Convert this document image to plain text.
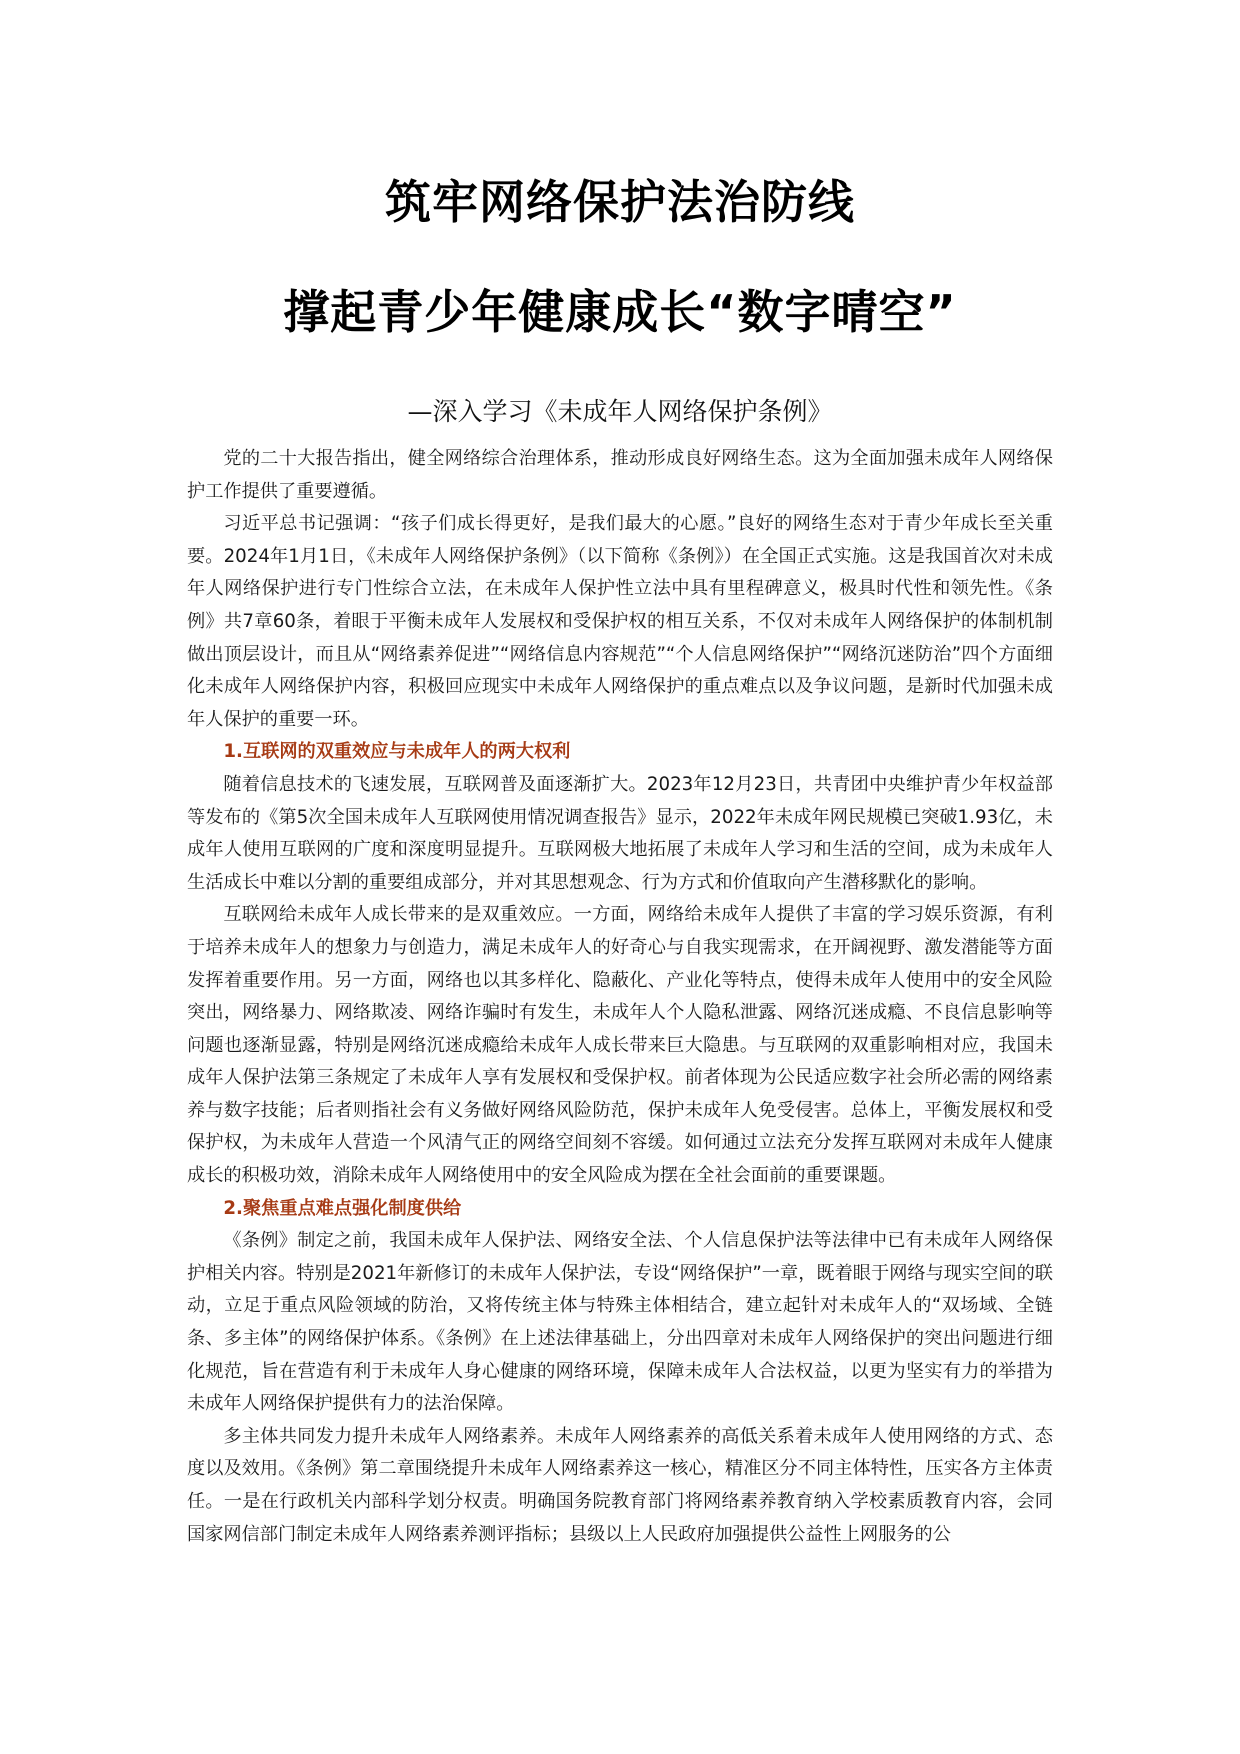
筑牢网络保护法治防线
撑起青少年健康成长“数字晴空”
—深入学习《未成年人网络保护条例》

党的二十大报告指出，健全网络综合治理体系，推动形成良好网络生态。这为全面加强未成年人网络保护工作提供了重要遵循。

习近平总书记强调：“孩子们成长得更好，是我们最大的心愿。”良好的网络生态对于青少年成长至关重要。2024年1月1日，《未成年人网络保护条例》（以下简称《条例》）在全国正式实施。这是我国首次对未成年人网络保护进行专门性综合立法，在未成年人保护性立法中具有里程碑意义，极具时代性和领先性。《条例》共7章60条，着眼于平衡未成年人发展权和受保护权的相互关系，不仅对未成年人网络保护的体制机制做出顶层设计，而且从“网络素养促进”“网络信息内容规范”“个人信息网络保护”“网络沉迷防治”四个方面细化未成年人网络保护内容，积极回应现实中未成年人网络保护的重点难点以及争议问题，是新时代加强未成年人保护的重要一环。

1.互联网的双重效应与未成年人的两大权利

随着信息技术的飞速发展，互联网普及面逐渐扩大。2023年12月23日，共青团中央维护青少年权益部等发布的《第5次全国未成年人互联网使用情况调查报告》显示，2022年未成年网民规模已突破1.93亿，未成年人使用互联网的广度和深度明显提升。互联网极大地拓展了未成年人学习和生活的空间，成为未成年人生活成长中难以分割的重要组成部分，并对其思想观念、行为方式和价值取向产生潜移默化的影响。

互联网给未成年人成长带来的是双重效应。一方面，网络给未成年人提供了丰富的学习娱乐资源，有利于培养未成年人的想象力与创造力，满足未成年人的好奇心与自我实现需求，在开阔视野、激发潜能等方面发挥着重要作用。另一方面，网络也以其多样化、隐蔽化、产业化等特点，使得未成年人使用中的安全风险突出，网络暴力、网络欺凌、网络诈骗时有发生，未成年人个人隐私泄露、网络沉迷成瘾、不良信息影响等问题也逐渐显露，特别是网络沉迷成瘾给未成年人成长带来巨大隐患。与互联网的双重影响相对应，我国未成年人保护法第三条规定了未成年人享有发展权和受保护权。前者体现为公民适应数字社会所必需的网络素养与数字技能；后者则指社会有义务做好网络风险防范，保护未成年人免受侵害。总体上，平衡发展权和受保护权，为未成年人营造一个风清气正的网络空间刻不容缓。如何通过立法充分发挥互联网对未成年人健康成长的积极功效，消除未成年人网络使用中的安全风险成为摆在全社会面前的重要课题。

2.聚焦重点难点强化制度供给

《条例》制定之前，我国未成年人保护法、网络安全法、个人信息保护法等法律中已有未成年人网络保护相关内容。特别是2021年新修订的未成年人保护法，专设“网络保护”一章，既着眼于网络与现实空间的联动，立足于重点风险领域的防治，又将传统主体与特殊主体相结合，建立起针对未成年人的“双场域、全链条、多主体”的网络保护体系。《条例》在上述法律基础上，分出四章对未成年人网络保护的突出问题进行细化规范，旨在营造有利于未成年人身心健康的网络环境，保障未成年人合法权益，以更为坚实有力的举措为未成年人网络保护提供有力的法治保障。

多主体共同发力提升未成年人网络素养。未成年人网络素养的高低关系着未成年人使用网络的方式、态度以及效用。《条例》第二章围绕提升未成年人网络素养这一核心，精准区分不同主体特性，压实各方主体责任。一是在行政机关内部科学划分权责。明确国务院教育部门将网络素养教育纳入学校素质教育内容，会同国家网信部门制定未成年人网络素养测评指标；县级以上人民政府加强提供公益性上网服务的公
